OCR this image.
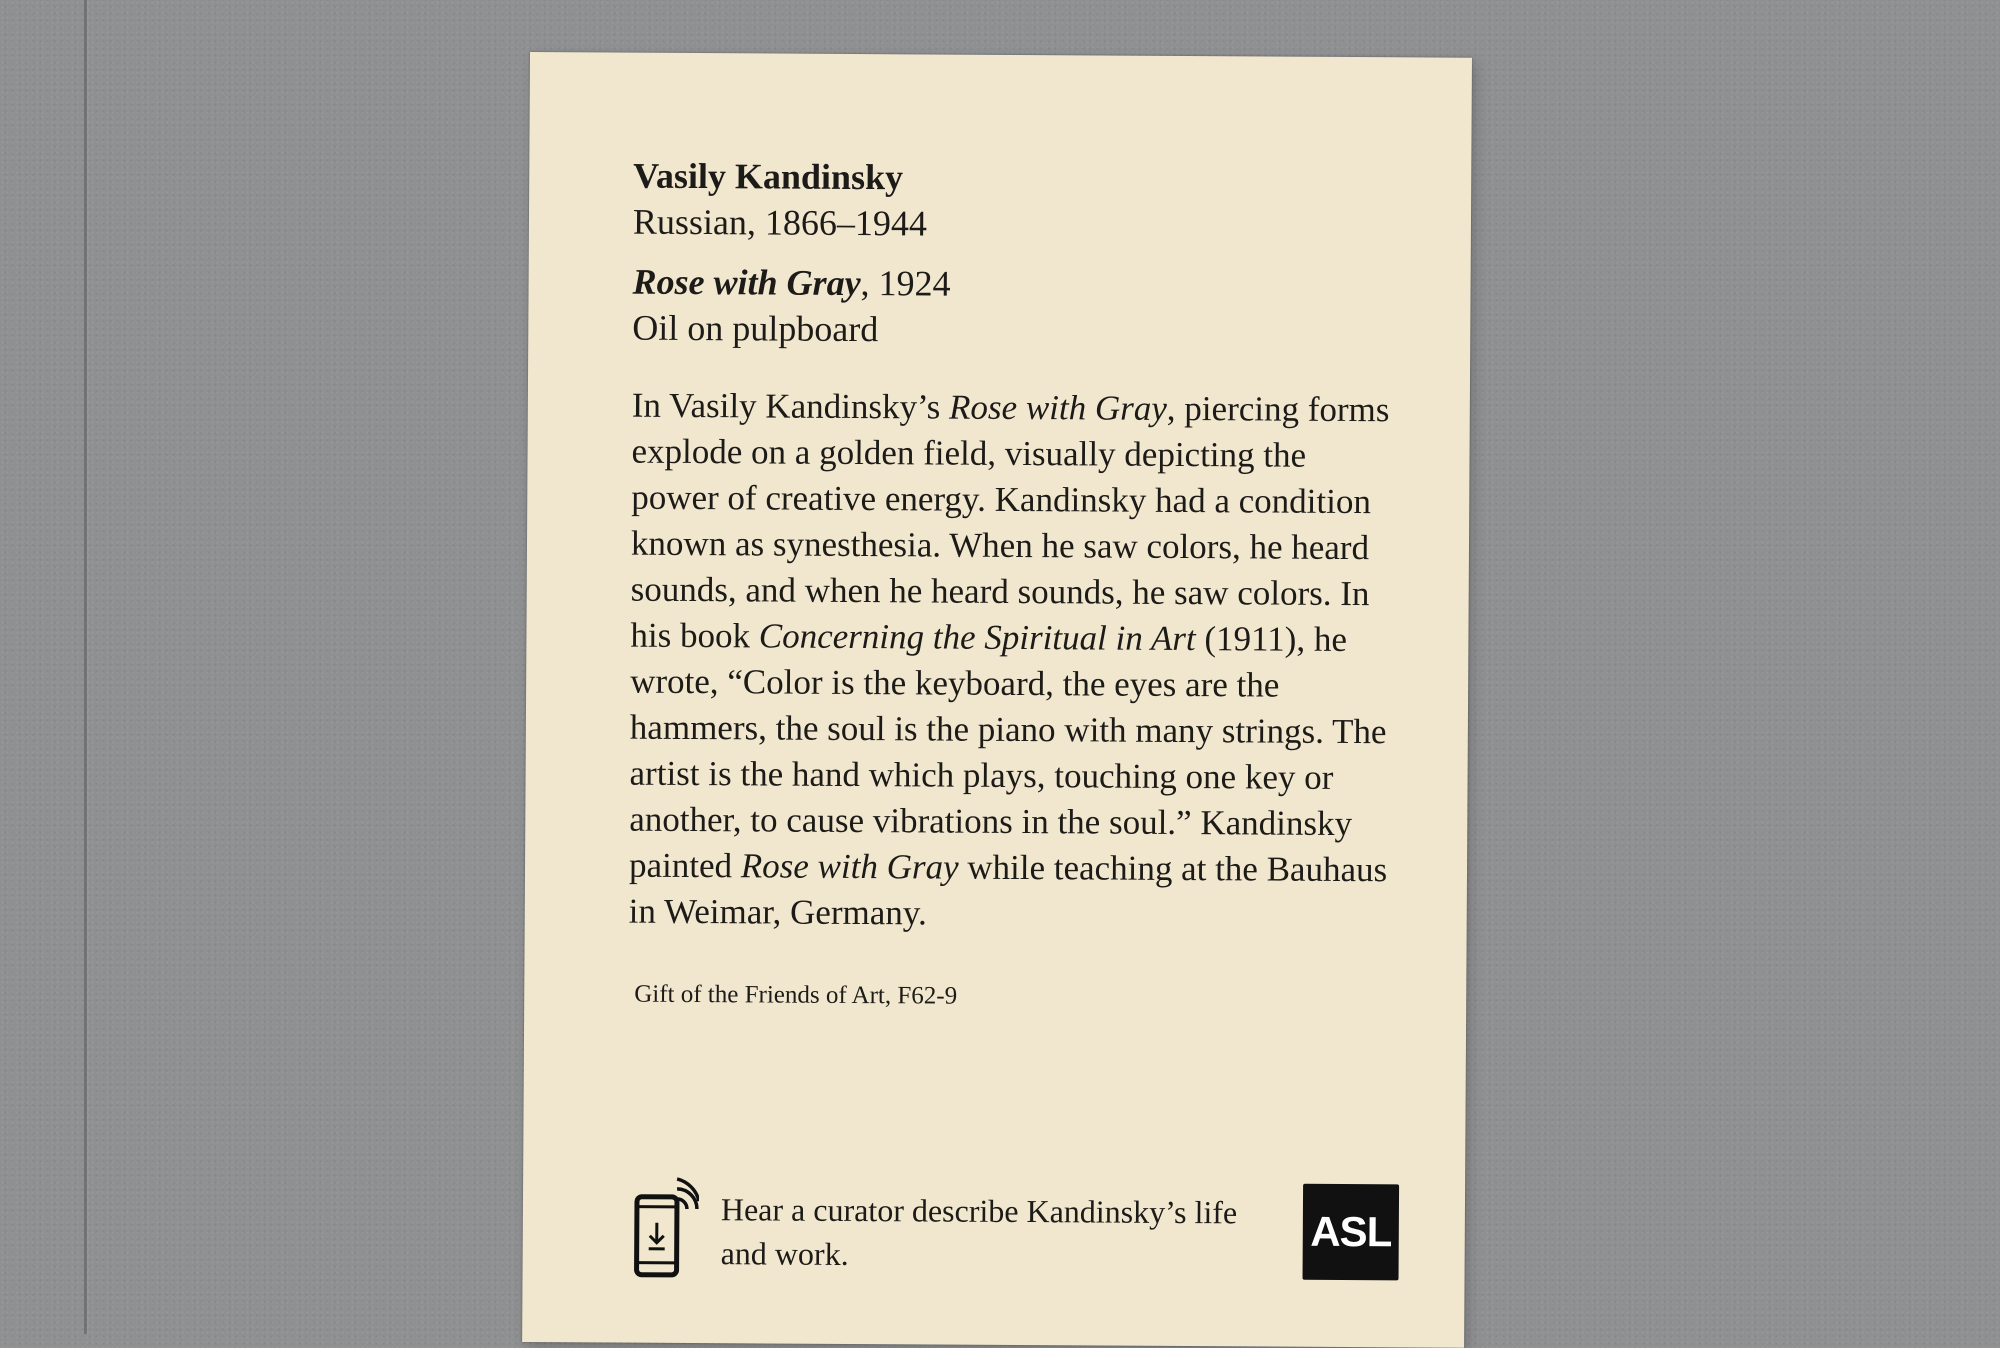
Vasily Kandinsky

Russian, 1866–1944

Rose with Gray, 1924

Oil on pulpboard

In Vasily Kandinsky’s Rose with Gray, piercing forms explode on a golden field, visually depicting the power of creative energy. Kandinsky had a condition known as synesthesia. When he saw colors, he heard sounds, and when he heard sounds, he saw colors. In his book Concerning the Spiritual in Art (1911), he wrote, “Color is the keyboard, the eyes are the hammers, the soul is the piano with many strings. The artist is the hand which plays, touching one key or another, to cause vibrations in the soul.” Kandinsky painted Rose with Gray while teaching at the Bauhaus in Weimar, Germany.

Gift of the Friends of Art, F62-9

Hear a curator describe Kandinsky’s life and work.	ASL
